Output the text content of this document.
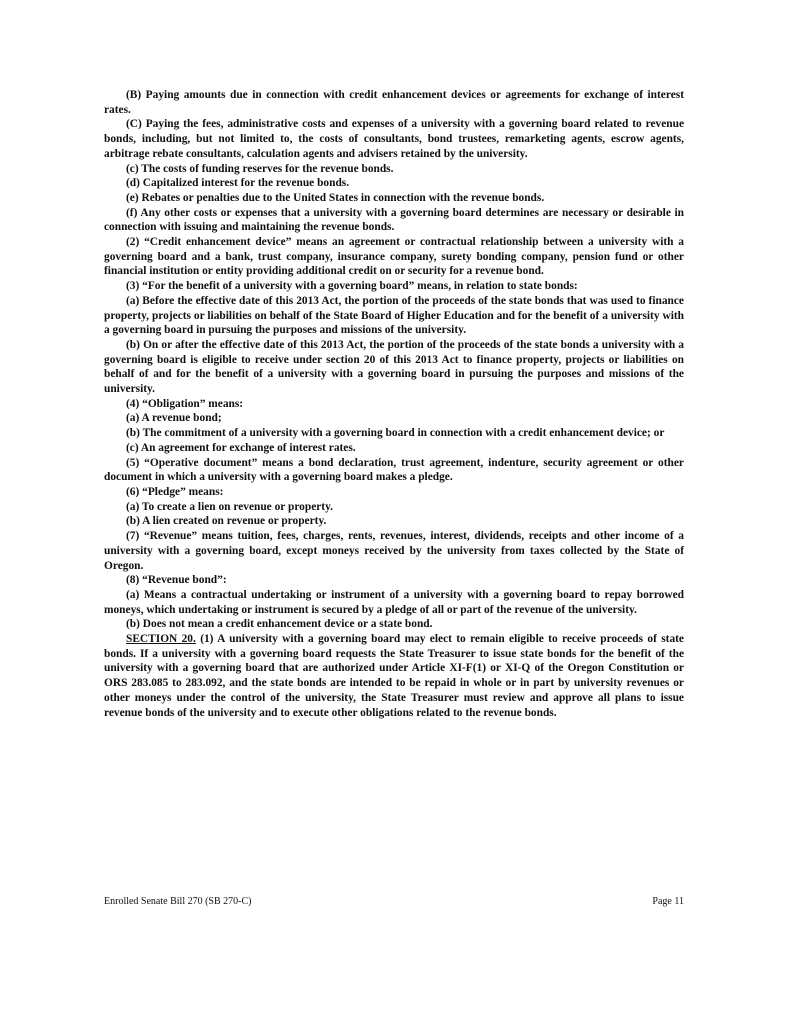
(B) Paying amounts due in connection with credit enhancement devices or agreements for exchange of interest rates.

(C) Paying the fees, administrative costs and expenses of a university with a governing board related to revenue bonds, including, but not limited to, the costs of consultants, bond trustees, remarketing agents, escrow agents, arbitrage rebate consultants, calculation agents and advisers retained by the university.

(c) The costs of funding reserves for the revenue bonds.

(d) Capitalized interest for the revenue bonds.

(e) Rebates or penalties due to the United States in connection with the revenue bonds.

(f) Any other costs or expenses that a university with a governing board determines are necessary or desirable in connection with issuing and maintaining the revenue bonds.

(2) “Credit enhancement device” means an agreement or contractual relationship between a university with a governing board and a bank, trust company, insurance company, surety bonding company, pension fund or other financial institution or entity providing additional credit on or security for a revenue bond.

(3) “For the benefit of a university with a governing board” means, in relation to state bonds:

(a) Before the effective date of this 2013 Act, the portion of the proceeds of the state bonds that was used to finance property, projects or liabilities on behalf of the State Board of Higher Education and for the benefit of a university with a governing board in pursuing the purposes and missions of the university.

(b) On or after the effective date of this 2013 Act, the portion of the proceeds of the state bonds a university with a governing board is eligible to receive under section 20 of this 2013 Act to finance property, projects or liabilities on behalf of and for the benefit of a university with a governing board in pursuing the purposes and missions of the university.

(4) “Obligation” means:

(a) A revenue bond;

(b) The commitment of a university with a governing board in connection with a credit enhancement device; or

(c) An agreement for exchange of interest rates.

(5) “Operative document” means a bond declaration, trust agreement, indenture, security agreement or other document in which a university with a governing board makes a pledge.

(6) “Pledge” means:

(a) To create a lien on revenue or property.

(b) A lien created on revenue or property.

(7) “Revenue” means tuition, fees, charges, rents, revenues, interest, dividends, receipts and other income of a university with a governing board, except moneys received by the university from taxes collected by the State of Oregon.

(8) “Revenue bond”:

(a) Means a contractual undertaking or instrument of a university with a governing board to repay borrowed moneys, which undertaking or instrument is secured by a pledge of all or part of the revenue of the university.

(b) Does not mean a credit enhancement device or a state bond.

SECTION 20. (1) A university with a governing board may elect to remain eligible to receive proceeds of state bonds. If a university with a governing board requests the State Treasurer to issue state bonds for the benefit of the university with a governing board that are authorized under Article XI-F(1) or XI-Q of the Oregon Constitution or ORS 283.085 to 283.092, and the state bonds are intended to be repaid in whole or in part by university revenues or other moneys under the control of the university, the State Treasurer must review and approve all plans to issue revenue bonds of the university and to execute other obligations related to the revenue bonds.

Enrolled Senate Bill 270 (SB 270-C)	Page 11
